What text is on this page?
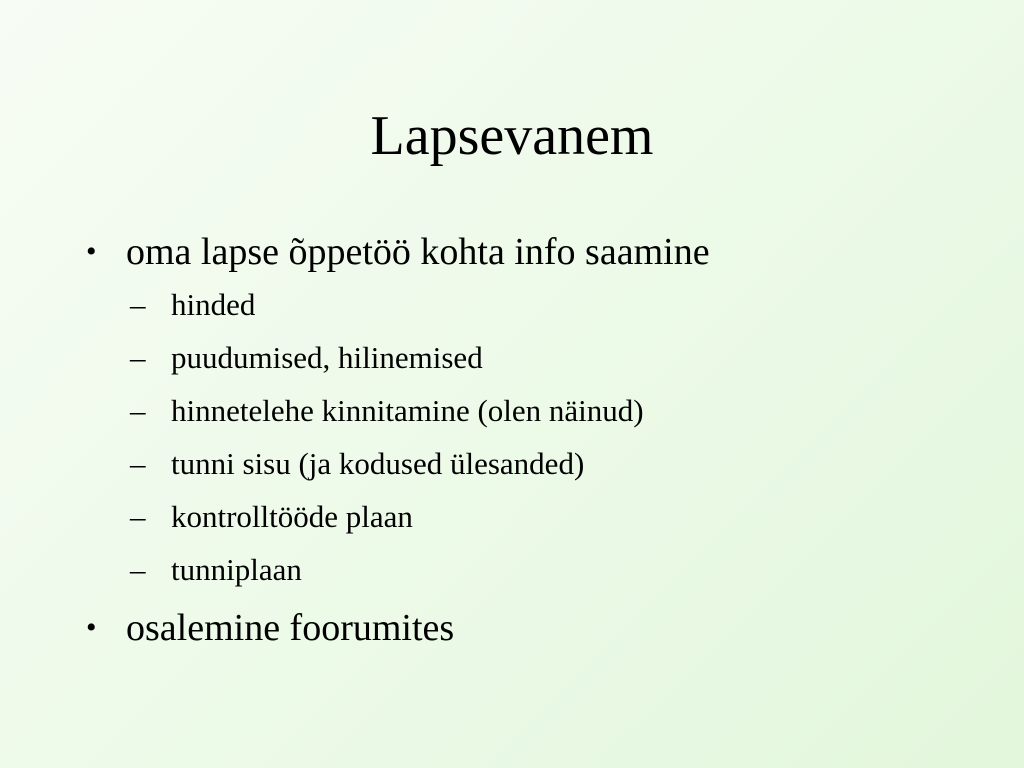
Lapsevanem
• oma lapse õppetöö kohta info saamine
– hinded
– puudumised, hilinemised
– hinnetelehe kinnitamine (olen näinud)
– tunni sisu (ja kodused ülesanded)
– kontrolltööde plaan
– tunniplaan
• osalemine foorumites
